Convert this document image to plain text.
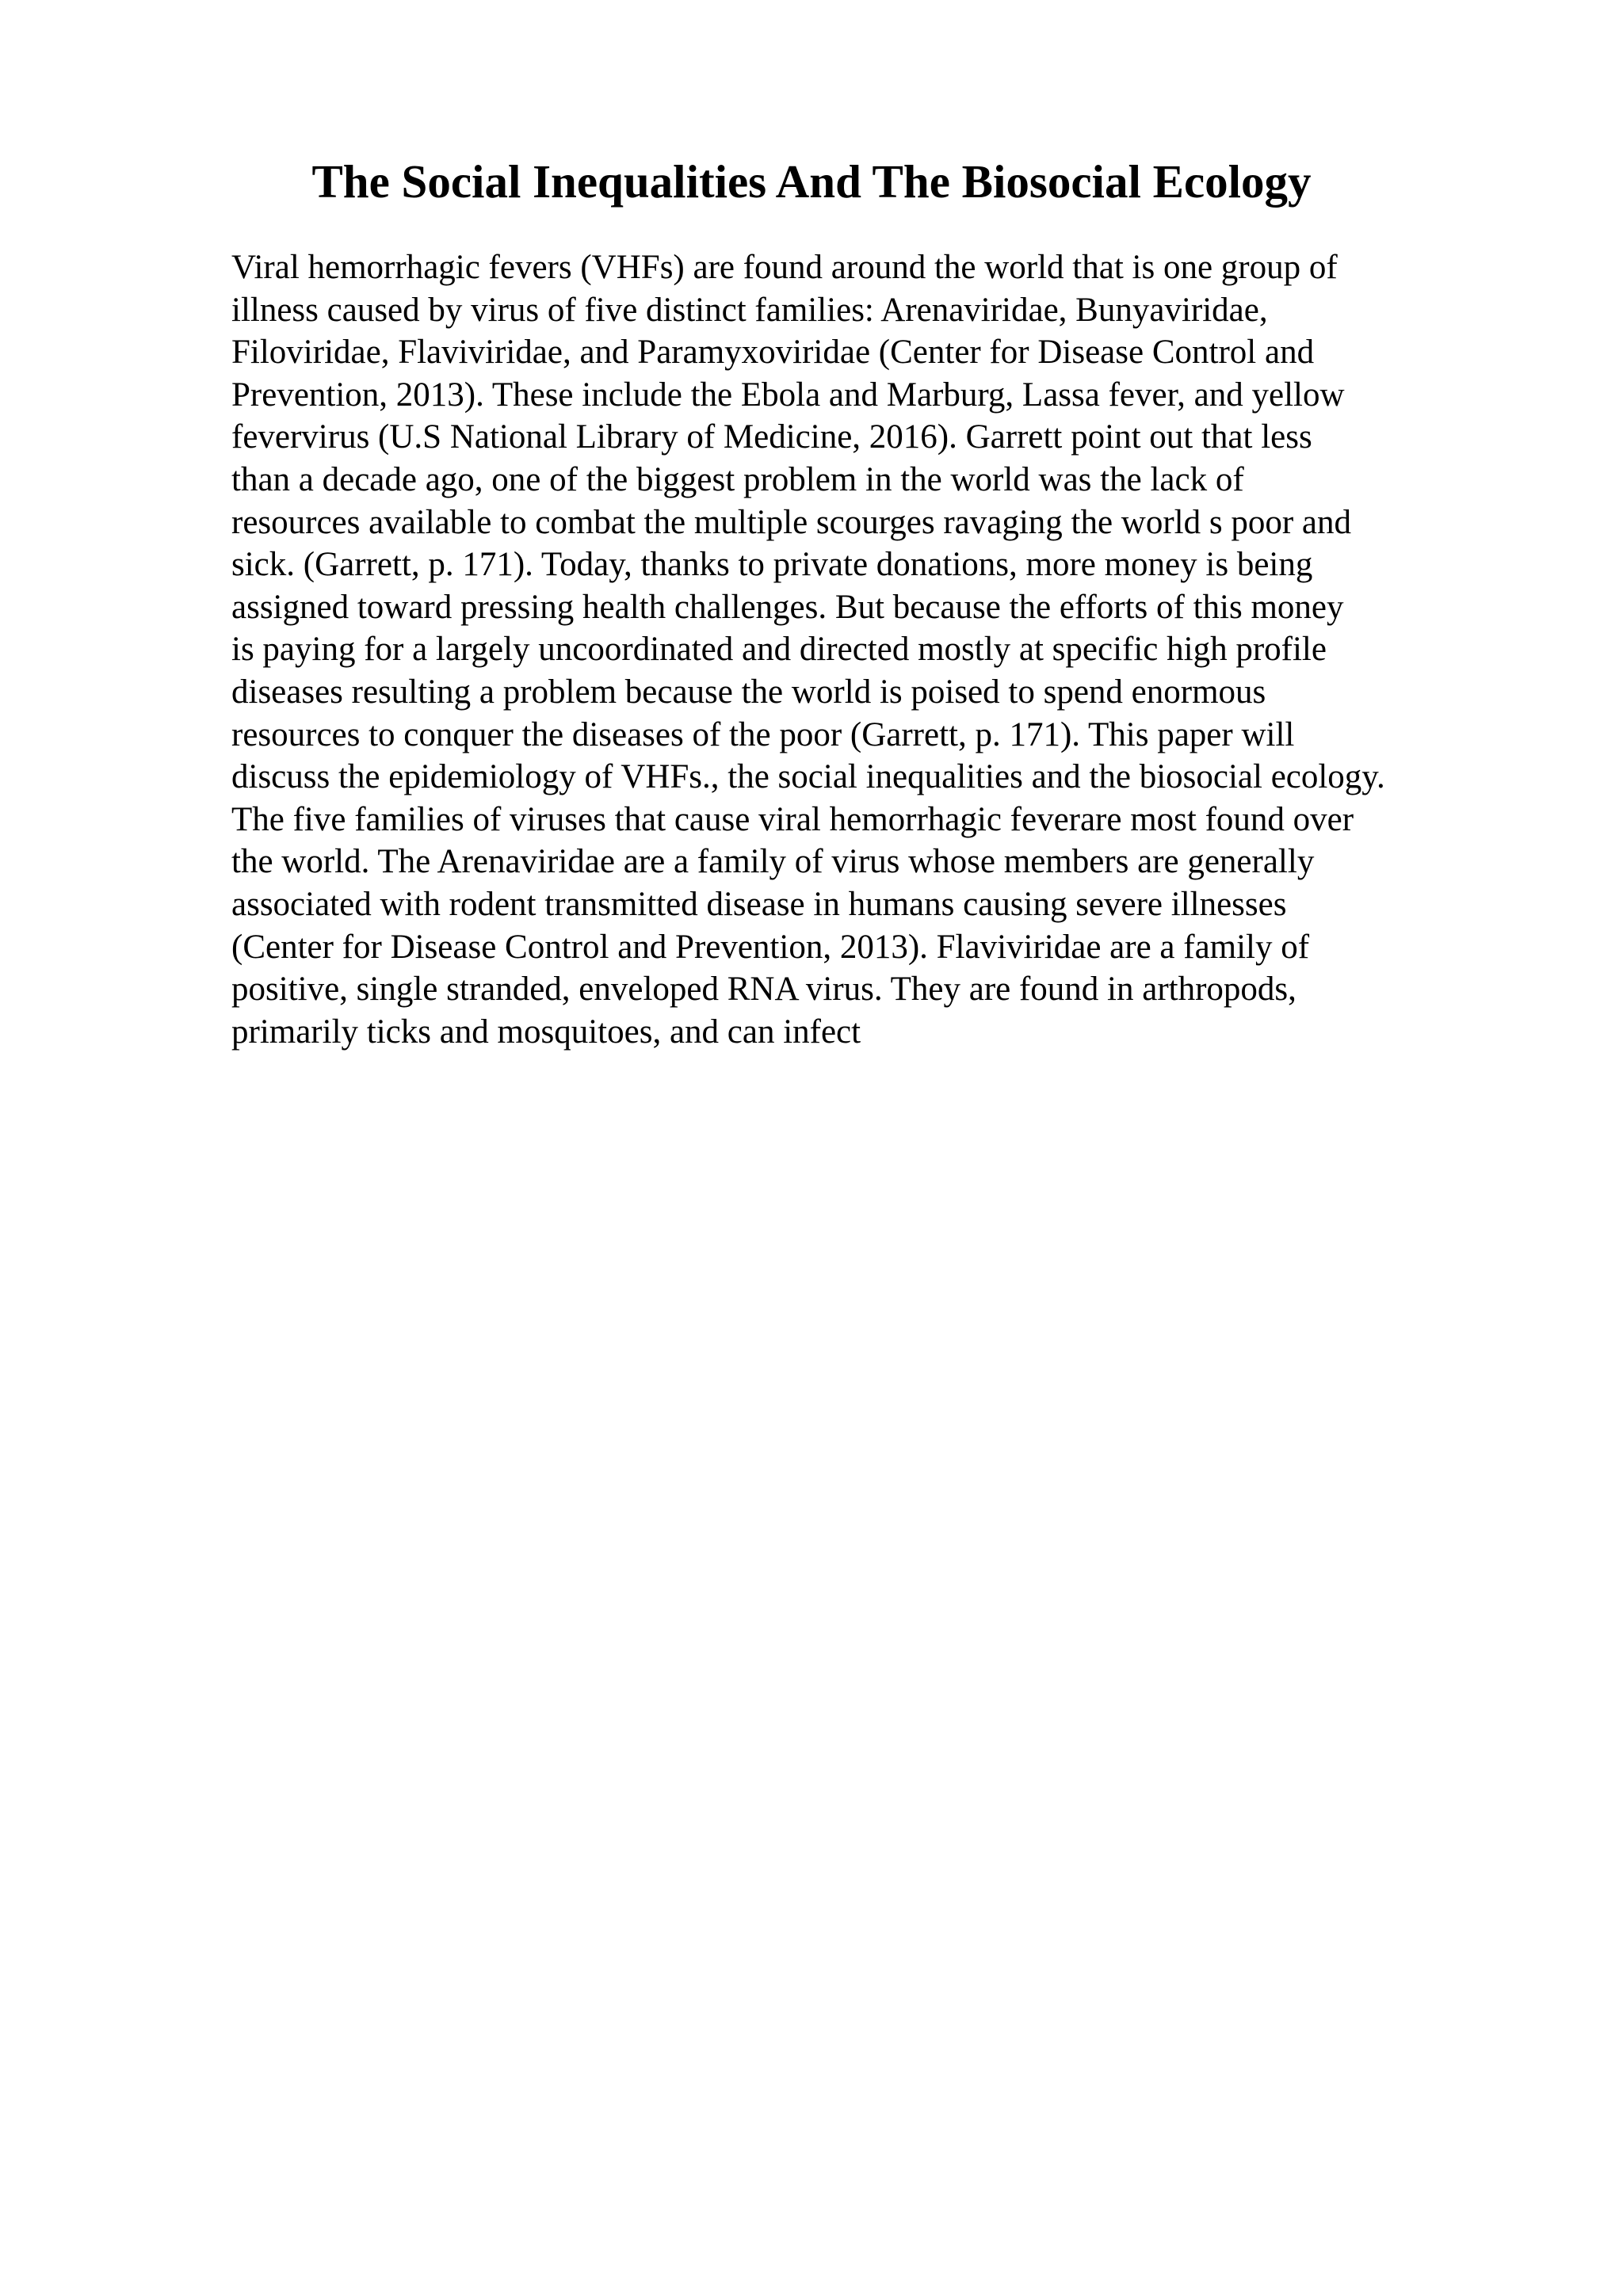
The Social Inequalities And The Biosocial Ecology
Viral hemorrhagic fevers (VHFs) are found around the world that is one group of
illness caused by virus of five distinct families: Arenaviridae, Bunyaviridae,
Filoviridae, Flaviviridae, and Paramyxoviridae (Center for Disease Control and
Prevention, 2013). These include the Ebola and Marburg, Lassa fever, and yellow
fevervirus (U.S National Library of Medicine, 2016). Garrett point out that less
than a decade ago, one of the biggest problem in the world was the lack of
resources available to combat the multiple scourges ravaging the world s poor and
sick. (Garrett, p. 171). Today, thanks to private donations, more money is being
assigned toward pressing health challenges. But because the efforts of this money
is paying for a largely uncoordinated and directed mostly at specific high profile
diseases resulting a problem because the world is poised to spend enormous
resources to conquer the diseases of the poor (Garrett, p. 171). This paper will
discuss the epidemiology of VHFs., the social inequalities and the biosocial ecology.
The five families of viruses that cause viral hemorrhagic feverare most found over
the world. The Arenaviridae are a family of virus whose members are generally
associated with rodent transmitted disease in humans causing severe illnesses
(Center for Disease Control and Prevention, 2013). Flaviviridae are a family of
positive, single stranded, enveloped RNA virus. They are found in arthropods,
primarily ticks and mosquitoes, and can infect
